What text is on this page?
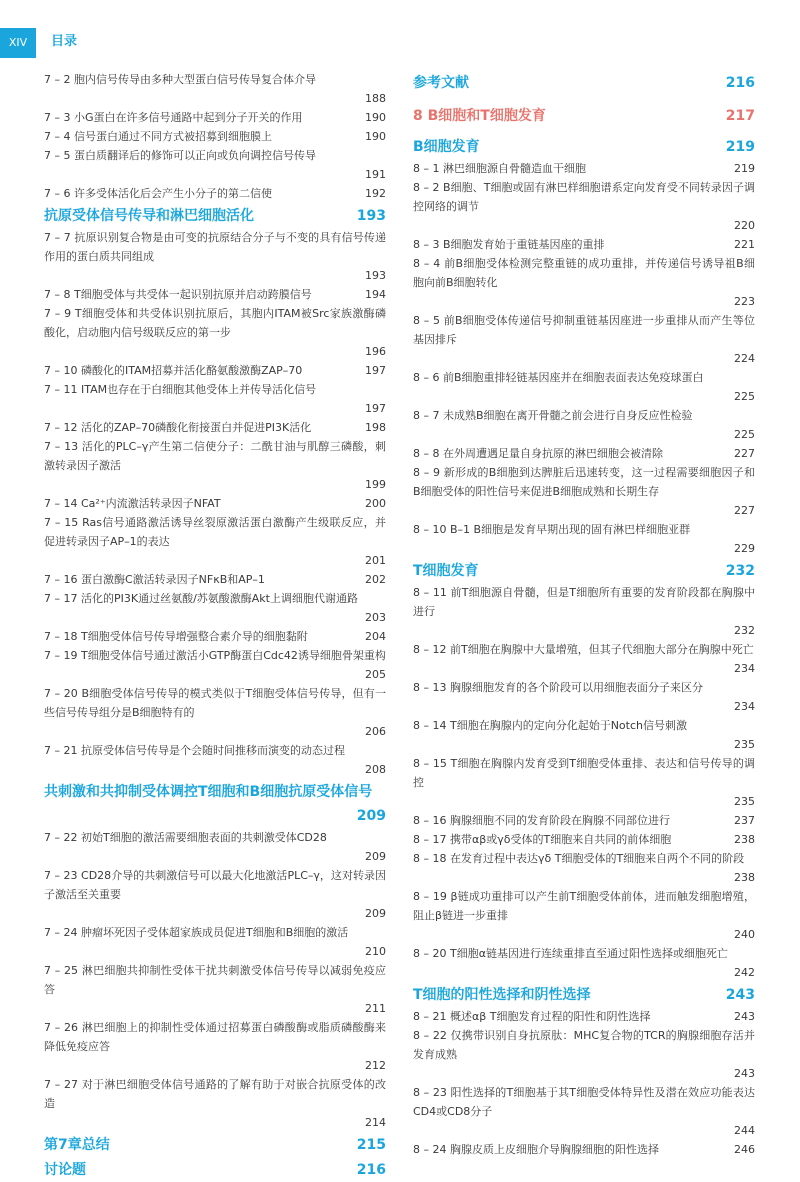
XIV	目录
7 – 2 胞内信号传导由多种大型蛋白信号传导复合体介导
188
7 – 3 小G蛋白在许多信号通路中起到分子开关的作用	190
7 – 4 信号蛋白通过不同方式被招募到细胞膜上	190
7 – 5 蛋白质翻译后的修饰可以正向或负向调控信号传导
191
7 – 6 许多受体活化后会产生小分子的第二信使	192
抗原受体信号传导和淋巴细胞活化	193
7 – 7 抗原识别复合物是由可变的抗原结合分子与不变的具有信号传递作用的蛋白质共同组成
193
7 – 8 T细胞受体与共受体一起识别抗原并启动跨膜信号	194
7 – 9 T细胞受体和共受体识别抗原后，其胞内ITAM被Src家族激酶磷酸化，启动胞内信号级联反应的第一步
196
7 – 10 磷酸化的ITAM招募并活化酪氨酸激酶ZAP–70	197
7 – 11 ITAM也存在于白细胞其他受体上并传导活化信号
197
7 – 12 活化的ZAP–70磷酸化衔接蛋白并促进PI3K活化	198
7 – 13 活化的PLC–γ产生第二信使分子：二酰甘油与肌醇三磷酸，刺激转录因子激活
199
7 – 14 Ca²⁺内流激活转录因子NFAT	200
7 – 15 Ras信号通路激活诱导丝裂原激活蛋白激酶产生级联反应，并促进转录因子AP–1的表达
201
7 – 16 蛋白激酶C激活转录因子NFκB和AP–1	202
7 – 17 活化的PI3K通过丝氨酸/苏氨酸激酶Akt上调细胞代谢通路
203
7 – 18 T细胞受体信号传导增强整合素介导的细胞黏附	204
7 – 19 T细胞受体信号通过激活小GTP酶蛋白Cdc42诱导细胞骨架重构
205
7 – 20 B细胞受体信号传导的模式类似于T细胞受体信号传导，但有一些信号传导组分是B细胞特有的
206
7 – 21 抗原受体信号传导是个会随时间推移而演变的动态过程
208
共刺激和共抑制受体调控T细胞和B细胞抗原受体信号
209
7 – 22 初始T细胞的激活需要细胞表面的共刺激受体CD28
209
7 – 23 CD28介导的共刺激信号可以最大化地激活PLC–γ，这对转录因子激活至关重要
209
7 – 24 肿瘤坏死因子受体超家族成员促进T细胞和B细胞的激活
210
7 – 25 淋巴细胞共抑制性受体干扰共刺激受体信号传导以减弱免疫应答
211
7 – 26 淋巴细胞上的抑制性受体通过招募蛋白磷酸酶或脂质磷酸酶来降低免疫应答
212
7 – 27 对于淋巴细胞受体信号通路的了解有助于对嵌合抗原受体的改造
214
第7章总结	215
讨论题	216
参考文献	216
8 B细胞和T细胞发育	217
B细胞发育	219
8 – 1 淋巴细胞源自骨髓造血干细胞	219
8 – 2 B细胞、T细胞或固有淋巴样细胞谱系定向发育受不同转录因子调控网络的调节
220
8 – 3 B细胞发育始于重链基因座的重排	221
8 – 4 前B细胞受体检测完整重链的成功重排，并传递信号诱导祖B细胞向前B细胞转化
223
8 – 5 前B细胞受体传递信号抑制重链基因座进一步重排从而产生等位基因排斥
224
8 – 6 前B细胞重排轻链基因座并在细胞表面表达免疫球蛋白
225
8 – 7 未成熟B细胞在离开骨髓之前会进行自身反应性检验
225
8 – 8 在外周遭遇足量自身抗原的淋巴细胞会被清除	227
8 – 9 新形成的B细胞到达脾脏后迅速转变，这一过程需要细胞因子和B细胞受体的阳性信号来促进B细胞成熟和长期生存
227
8 – 10 B–1 B细胞是发育早期出现的固有淋巴样细胞亚群
229
T细胞发育	232
8 – 11 前T细胞源自骨髓，但是T细胞所有重要的发育阶段都在胸腺中进行
232
8 – 12 前T细胞在胸腺中大量增殖，但其子代细胞大部分在胸腺中死亡
234
8 – 13 胸腺细胞发育的各个阶段可以用细胞表面分子来区分
234
8 – 14 T细胞在胸腺内的定向分化起始于Notch信号刺激
235
8 – 15 T细胞在胸腺内发育受到T细胞受体重排、表达和信号传导的调控
235
8 – 16 胸腺细胞不同的发育阶段在胸腺不同部位进行	237
8 – 17 携带αβ或γδ受体的T细胞来自共同的前体细胞	238
8 – 18 在发育过程中表达γδ T细胞受体的T细胞来自两个不同的阶段
238
8 – 19 β链成功重排可以产生前T细胞受体前体，进而触发细胞增殖，阻止β链进一步重排
240
8 – 20 T细胞α链基因进行连续重排直至通过阳性选择或细胞死亡
242
T细胞的阳性选择和阴性选择	243
8 – 21 概述αβ T细胞发育过程的阳性和阴性选择	243
8 – 22 仅携带识别自身抗原肽：MHC复合物的TCR的胸腺细胞存活并发育成熟
243
8 – 23 阳性选择的T细胞基于其T细胞受体特异性及潜在效应功能表达CD4或CD8分子
244
8 – 24 胸腺皮质上皮细胞介导胸腺细胞的阳性选择	246
